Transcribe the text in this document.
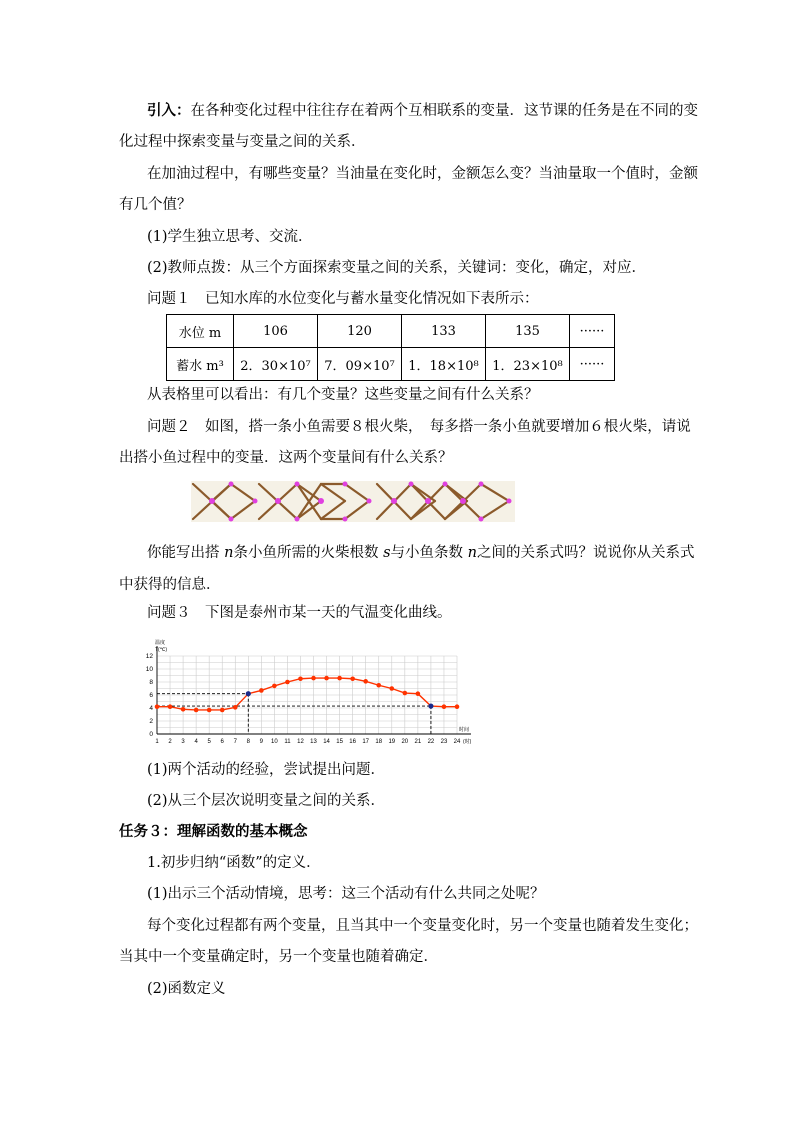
引入：在各种变化过程中往往存在着两个互相联系的变量．这节课的任务是在不同的变
化过程中探索变量与变量之间的关系．
在加油过程中，有哪些变量？当油量在变化时，金额怎么变？当油量取一个值时，金额
有几个值？
(1)学生独立思考、交流．
(2)教师点拨：从三个方面探索变量之间的关系，关键词：变化，确定，对应．
问题１　已知水库的水位变化与蓄水量变化情况如下表所示：
水位 m	106	120	133	135	······
蓄水 m³	2．30×10⁷	7．09×10⁷	1．18×10⁸	1．23×10⁸	······
从表格里可以看出：有几个变量？这些变量之间有什么关系？
问题２　如图，搭一条小鱼需要８根火柴，　每多搭一条小鱼就要增加６根火柴，请说
出搭小鱼过程中的变量．这两个变量间有什么关系？
你能写出搭 n条小鱼所需的火柴根数 s与小鱼条数 n之间的关系式吗？说说你从关系式
中获得的信息．
问题３　下图是泰州市某一天的气温变化曲线。
1 2 3 4 5 6 7 8 9 10 11 12 13 14 15 16 17 18 19 20 21 22 23 24
0
2
4
6
8
10
12
温度
T(℃)
时间
(时)
(1)两个活动的经验，尝试提出问题．
(2)从三个层次说明变量之间的关系．
任务３：理解函数的基本概念
1.初步归纳“函数”的定义．
(1)出示三个活动情境，思考：这三个活动有什么共同之处呢？
每个变化过程都有两个变量，且当其中一个变量变化时，另一个变量也随着发生变化；
当其中一个变量确定时，另一个变量也随着确定．
(2)函数定义
